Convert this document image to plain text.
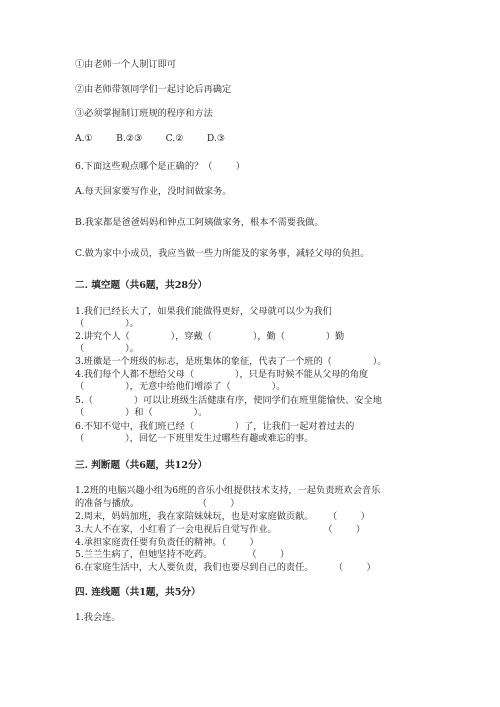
①由老师一个人制订即可
②由老师带领同学们一起讨论后再确定
③必须掌握制订班规的程序和方法
A.①        B.②③        C.②        D.③
6.下面这些观点哪个是正确的？（        ）
A.每天回家要写作业，没时间做家务。
B.我家都是爸爸妈妈和钟点工阿姨做家务，根本不需要我做。
C.做为家中小成员，我应当做一些力所能及的家务事，减轻父母的负担。
二. 填空题（共6题，共28分）
1.我们已经长大了，如果我们能做得更好，父母就可以少为我们
（              ）。
2.讲究个人（              ），穿戴（              ），勤（              ）勤
（              ）。
3.班徽是一个班级的标志，是班集体的象征，代表了一个班的（              ）。
4.我们每个人都不想给父母（              ），只是有时候不能从父母的角度
（              ），无意中给他们增添了（              ）。
5.（              ）可以让班级生活健康有序，使同学们在班里能愉快、安全地
（              ）和（              ）。
6.不知不觉中，我们班已经（              ）了，让我们一起对着过去的
（              ），回忆一下班里发生过哪些有趣或难忘的事。
三. 判断题（共6题，共12分）
1.2班的电脑兴趣小组为6班的音乐小组提供技术支持，一起负责班欢会音乐
的准备与播放。                    （        ）
2.周末，妈妈加班，我在家陪妹妹玩，也是对家庭做贡献。     （        ）
3.大人不在家，小红看了一会电视后自觉写作业。                （        ）
4.承担家庭责任要有负责任的精神。（        ）
5.兰兰生病了，但她坚持不吃药。            （        ）
6.在家庭生活中，大人要负责，我们也要尽到自己的责任。       （        ）
四. 连线题（共1题，共5分）
1.我会连。
